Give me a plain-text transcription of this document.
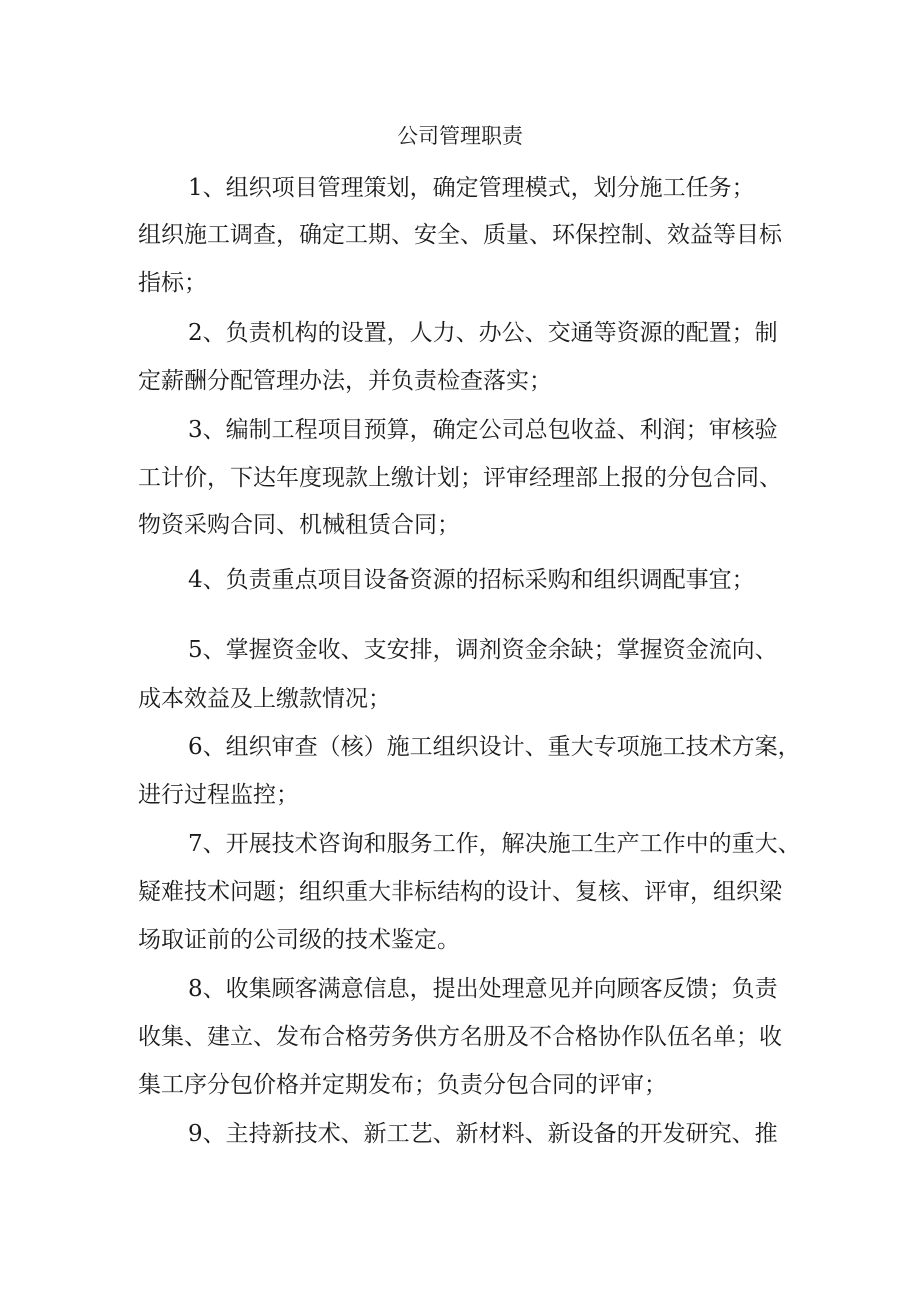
公司管理职责

1、组织项目管理策划，确定管理模式，划分施工任务；

组织施工调查，确定工期、安全、质量、环保控制、效益等目标

指标；

2、负责机构的设置，人力、办公、交通等资源的配置；制

定薪酬分配管理办法，并负责检查落实；

3、编制工程项目预算，确定公司总包收益、利润；审核验

工计价，下达年度现款上缴计划；评审经理部上报的分包合同、

物资采购合同、机械租赁合同；

4、负责重点项目设备资源的招标采购和组织调配事宜；

5、掌握资金收、支安排，调剂资金余缺；掌握资金流向、

成本效益及上缴款情况；

6、组织审查（核）施工组织设计、重大专项施工技术方案，

进行过程监控；

7、开展技术咨询和服务工作，解决施工生产工作中的重大、

疑难技术问题；组织重大非标结构的设计、复核、评审，组织梁

场取证前的公司级的技术鉴定。

8、收集顾客满意信息，提出处理意见并向顾客反馈；负责

收集、建立、发布合格劳务供方名册及不合格协作队伍名单；收

集工序分包价格并定期发布；负责分包合同的评审；

9、主持新技术、新工艺、新材料、新设备的开发研究、推
